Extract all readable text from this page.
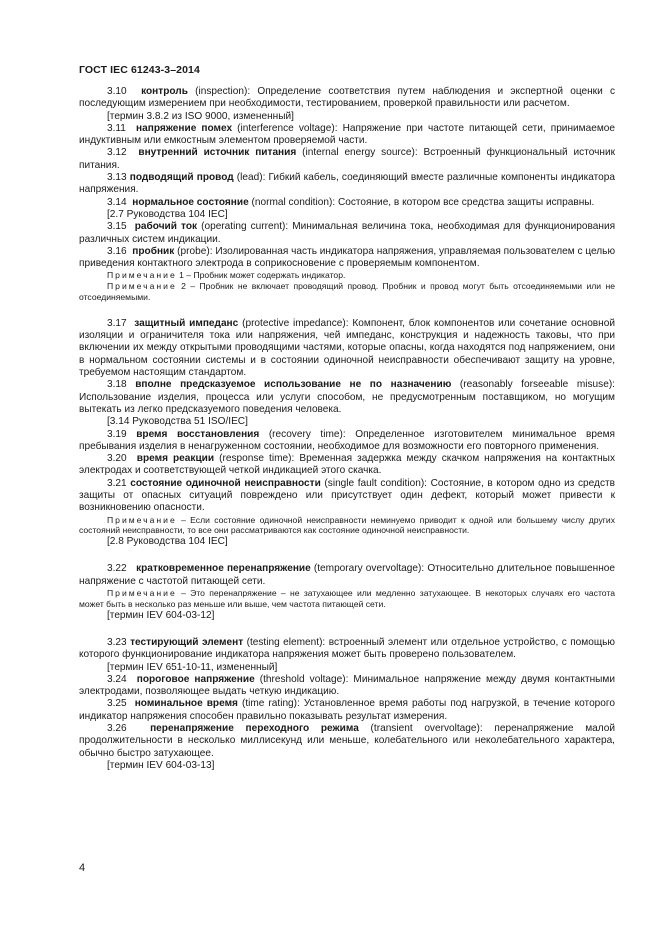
ГОСТ IEC 61243-3–2014

3.10 контроль (inspection): Определение соответствия путем наблюдения и экспертной оценки с последующим измерением при необходимости, тестированием, проверкой правильности или расчетом.

[термин 3.8.2 из ISO 9000, измененный]

3.11 напряжение помех (interference voltage): Напряжение при частоте питающей сети, принимаемое индуктивным или емкостным элементом проверяемой части.

3.12 внутренний источник питания (internal energy source): Встроенный функциональный источник питания.

3.13 подводящий провод (lead): Гибкий кабель, соединяющий вместе различные компоненты индикатора напряжения.

3.14 нормальное состояние (normal condition): Состояние, в котором все средства защиты исправны.

[2.7 Руководства 104 IEC]

3.15 рабочий ток (operating current): Минимальная величина тока, необходимая для функционирования различных систем индикации.

3.16 пробник (probe): Изолированная часть индикатора напряжения, управляемая пользователем с целью приведения контактного электрода в соприкосновение с проверяемым компонентом.

Примечание 1 – Пробник может содержать индикатор.

Примечание 2 – Пробник не включает проводящий провод. Пробник и провод могут быть отсоединяемыми или не отсоединяемыми.

3.17 защитный импеданс (protective impedance): Компонент, блок компонентов или сочетание основной изоляции и ограничителя тока или напряжения, чей импеданс, конструкция и надежность таковы, что при включении их между открытыми проводящими частями, которые опасны, когда находятся под напряжением, они в нормальном состоянии системы и в состоянии одиночной неисправности обеспечивают защиту на уровне, требуемом настоящим стандартом.

3.18 вполне предсказуемое использование не по назначению (reasonably forseeable misuse): Использование изделия, процесса или услуги способом, не предусмотренным поставщиком, но могущим вытекать из легко предсказуемого поведения человека.

[3.14 Руководства 51 ISO/IEC]

3.19 время восстановления (recovery time): Определенное изготовителем минимальное время пребывания изделия в ненагруженном состоянии, необходимое для возможности его повторного применения.

3.20 время реакции (response time): Временная задержка между скачком напряжения на контактных электродах и соответствующей четкой индикацией этого скачка.

3.21 состояние одиночной неисправности (single fault condition): Состояние, в котором одно из средств защиты от опасных ситуаций повреждено или присутствует один дефект, который может привести к возникновению опасности.

Примечание – Если состояние одиночной неисправности неминуемо приводит к одной или большему числу других состояний неисправности, то все они рассматриваются как состояние одиночной неисправности.

[2.8 Руководства 104 IEC]

3.22 кратковременное перенапряжение (temporary overvoltage): Относительно длительное повышенное напряжение с частотой питающей сети.

Примечание – Это перенапряжение – не затухающее или медленно затухающее. В некоторых случаях его частота может быть в несколько раз меньше или выше, чем частота питающей сети.

[термин IEV 604-03-12]

3.23 тестирующий элемент (testing element): встроенный элемент или отдельное устройство, с помощью которого функционирование индикатора напряжения может быть проверено пользователем.

[термин IEV 651-10-11, измененный]

3.24 пороговое напряжение (threshold voltage): Минимальное напряжение между двумя контактными электродами, позволяющее выдать четкую индикацию.

3.25 номинальное время (time rating): Установленное время работы под нагрузкой, в течение которого индикатор напряжения способен правильно показывать результат измерения.

3.26 перенапряжение переходного режима (transient overvoltage): перенапряжение малой продолжительности в несколько миллисекунд или меньше, колебательного или неколебательного характера, обычно быстро затухающее.

[термин IEV 604-03-13]

4
